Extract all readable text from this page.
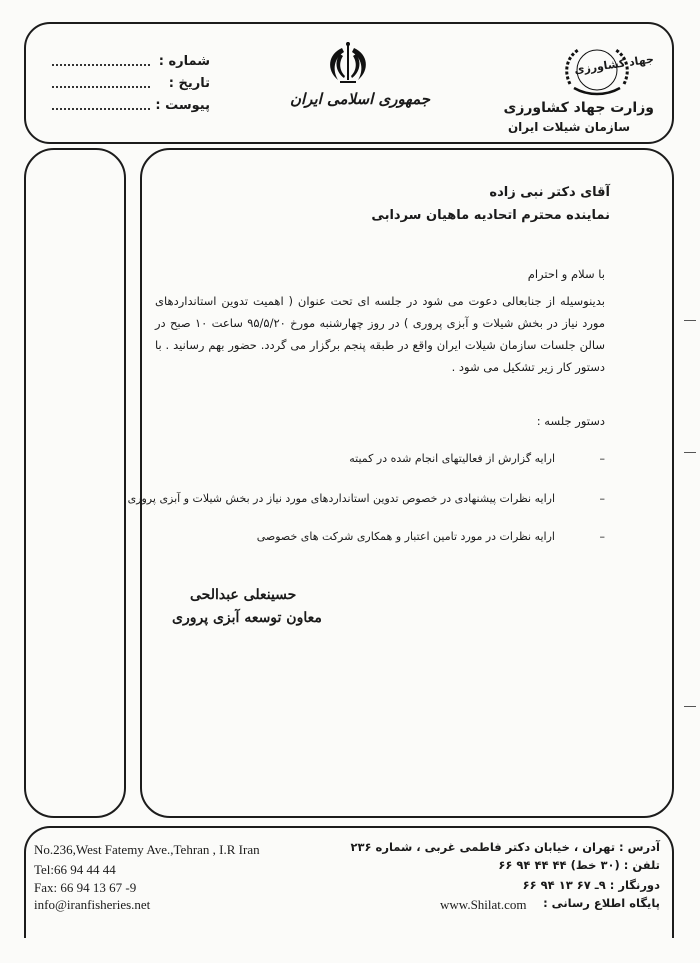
شماره :
تاریخ :
پیوست :	جمهوری اسلامی ایران
جهاد کشاورزی
وزارت جهاد کشاورزی
سازمان شیلات ایران
آقای دکتر نبی زاده
نماینده محترم اتحادیه ماهیان سردابی
با سلام و احترام
بدینوسیله از جنابعالی دعوت می شود در جلسه ای تحت عنوان ( اهمیت تدوین استانداردهای مورد نیاز در بخش شیلات و آبزی پروری ) در روز چهارشنبه مورخ ۹۵/۵/۲۰ ساعت ۱۰ صبح در سالن جلسات سازمان شیلات ایران واقع در طبقه پنجم برگزار می گردد. حضور بهم رسانید . با دستور کار زیر تشکیل می شود .
دستور جلسه :
–
ارایه گزارش از فعالیتهای انجام شده در کمیته
–
ارایه نظرات پیشنهادی در خصوص تدوین استانداردهای مورد نیاز در بخش شیلات و آبزی پروری
–
ارایه نظرات در مورد تامین اعتبار و همکاری شرکت های خصوصی
حسینعلی عبدالحی
معاون توسعه آبزی پروری
No.236,West Fatemy Ave.,Tehran , I.R Iran
Tel:66 94 44 44
Fax: 66 94 13 67 -9
info@iranfisheries.net
آدرس : تهران ، خیابان دکتر فاطمی غربی ، شماره ۲۳۶
تلفن : (۳۰ خط) ۴۴ ۴۴ ۹۴ ۶۶
دورنگار : ۹ـ ۶۷ ۱۳ ۹۴ ۶۶
پایگاه اطلاع رسانی :
www.Shilat.com
